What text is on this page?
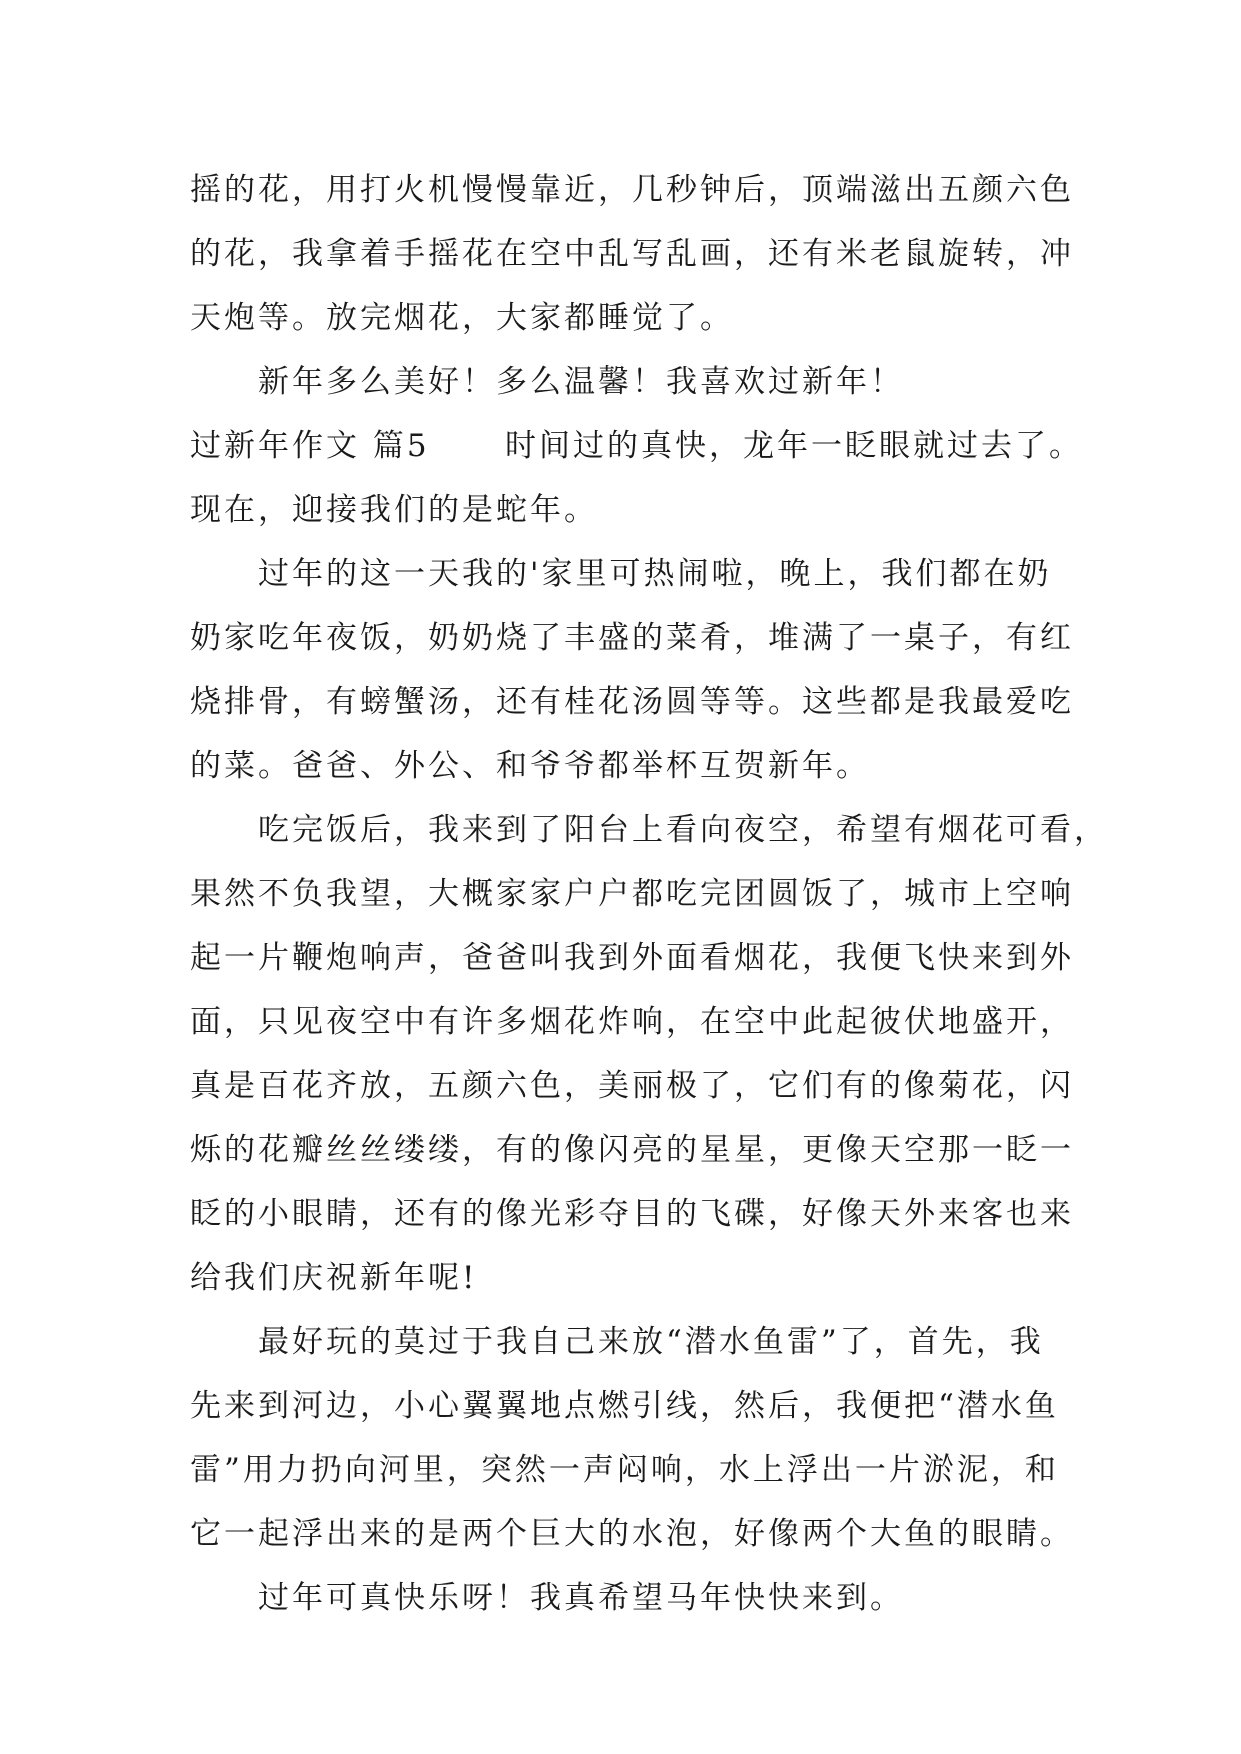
摇的花，用打火机慢慢靠近，几秒钟后，顶端滋出五颜六色
的花，我拿着手摇花在空中乱写乱画，还有米老鼠旋转，冲
天炮等。放完烟花，大家都睡觉了。
新年多么美好！多么温馨！我喜欢过新年！
过新年作文 篇5 时间过的真快，龙年一眨眼就过去了。
现在，迎接我们的是蛇年。
过年的这一天我的'家里可热闹啦，晚上，我们都在奶
奶家吃年夜饭，奶奶烧了丰盛的菜肴，堆满了一桌子，有红
烧排骨，有螃蟹汤，还有桂花汤圆等等。这些都是我最爱吃
的菜。爸爸、外公、和爷爷都举杯互贺新年。
吃完饭后，我来到了阳台上看向夜空，希望有烟花可看，
果然不负我望，大概家家户户都吃完团圆饭了，城市上空响
起一片鞭炮响声，爸爸叫我到外面看烟花，我便飞快来到外
面，只见夜空中有许多烟花炸响，在空中此起彼伏地盛开，
真是百花齐放，五颜六色，美丽极了，它们有的像菊花，闪
烁的花瓣丝丝缕缕，有的像闪亮的星星，更像天空那一眨一
眨的小眼睛，还有的像光彩夺目的飞碟，好像天外来客也来
给我们庆祝新年呢!
最好玩的莫过于我自己来放“潜水鱼雷”了，首先，我
先来到河边，小心翼翼地点燃引线，然后，我便把“潜水鱼
雷”用力扔向河里，突然一声闷响，水上浮出一片淤泥，和
它一起浮出来的是两个巨大的水泡，好像两个大鱼的眼睛。
过年可真快乐呀！我真希望马年快快来到。
